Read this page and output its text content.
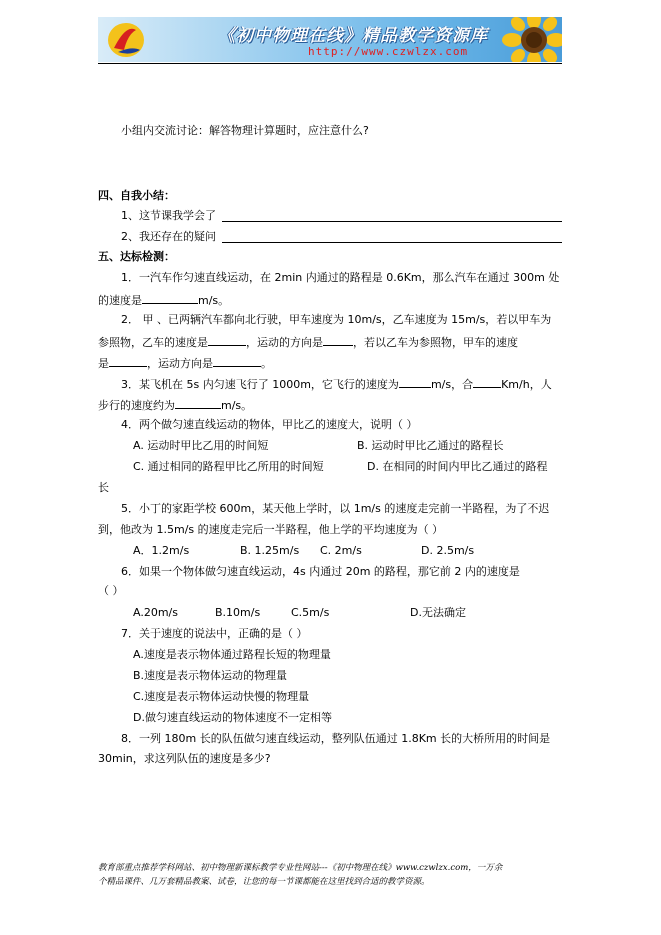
《初中物理在线》精品教学资源库
http://www.czwlzx.com
小组内交流讨论：解答物理计算题时，应注意什么?
四、自我小结：
1、这节课我学会了
2、我还存在的疑问
五、达标检测：
1．一汽车作匀速直线运动，在 2min 内通过的路程是 0.6Km，那么汽车在通过 300m 处
的速度是	m/s。
2． 甲 、已两辆汽车都向北行驶，甲车速度为 10m/s，乙车速度为 15m/s，若以甲车为
参照物，乙车的速度是	，运动的方向是	，若以乙车为参照物，甲车的速度
是	，运动方向是	。
3．某飞机在 5s 内匀速飞行了 1000m，它飞行的速度为	m/s，合	Km/h，人
步行的速度约为	m/s。
4．两个做匀速直线运动的物体，甲比乙的速度大，说明（ ）
A. 运动时甲比乙用的时间短	B. 运动时甲比乙通过的路程长
C. 通过相同的路程甲比乙所用的时间短	D. 在相同的时间内甲比乙通过的路程
长
5．小丁的家距学校 600m，某天他上学时，以 1m/s 的速度走完前一半路程，为了不迟
到，他改为 1.5m/s 的速度走完后一半路程，他上学的平均速度为（ ）
A．1.2m/s	B. 1.25m/s C. 2m/s	D. 2.5m/s
6．如果一个物体做匀速直线运动，4s 内通过 20m 的路程，那它前 2 内的速度是
（ ）
A.20m/s	B.10m/s	C.5m/s	D.无法确定
7．关于速度的说法中，正确的是（ ）
A.速度是表示物体通过路程长短的物理量
B.速度是表示物体运动的物理量
C.速度是表示物体运动快慢的物理量
D.做匀速直线运动的物体速度不一定相等
8．一列 180m 长的队伍做匀速直线运动，整列队伍通过 1.8Km 长的大桥所用的时间是
30min，求这列队伍的速度是多少?
教育部重点推荐学科网站、初中物理新课标教学专业性网站---《初中物理在线》www.czwlzx.com，一万余
个精品课件、几万套精品教案、试卷，让您的每一节课都能在这里找到合适的教学资源。
